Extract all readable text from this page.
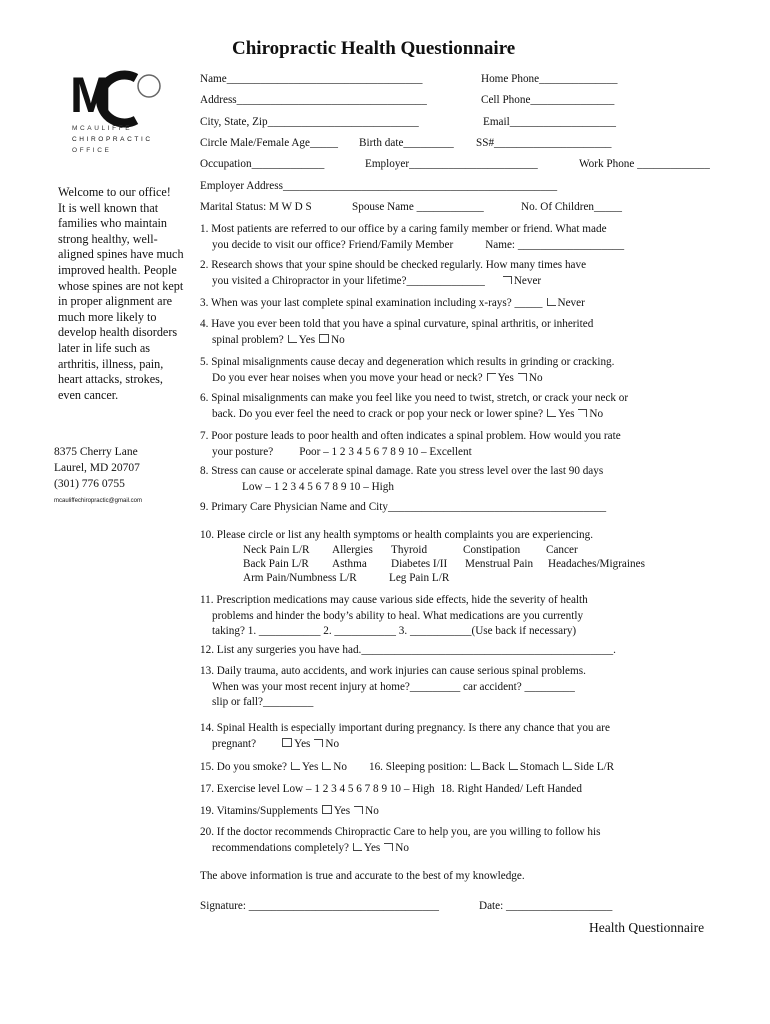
Chiropractic Health Questionnaire
M
MCAULIFFE
CHIROPRACTIC
OFFICE

Welcome to our office!
It is well known that families who maintain strong healthy, well-aligned spines have much improved health. People whose spines are not kept in proper alignment are much more likely to develop health disorders later in life such as arthritis, illness, pain, heart attacks, strokes, even cancer.

8375 Cherry Lane
Laurel, MD 20707
(301) 776 0755
mcauliffechiropractic@gmail.com
Name___________________________________	Home Phone______________
Address__________________________________	Cell Phone_______________
City, State, Zip___________________________	Email___________________
Circle Male/Female Age_____ Birth date_________ SS#_____________________
Occupation_____________	Employer_______________________	Work Phone _____________
Employer Address_________________________________________________
Marital Status: M W D S	Spouse Name ____________	No. Of Children_____
1. Most patients are referred to our office by a caring family member or friend. What made
you decide to visit our office? Friend/Family Member	Name: ___________________
2. Research shows that your spine should be checked regularly. How many times have
you visited a Chiropractor in your lifetime?______________	Never
3. When was your last complete spinal examination including x-rays? _____ Never
4. Have you ever been told that you have a spinal curvature, spinal arthritis, or inherited
spinal problem? Yes No
5. Spinal misalignments cause decay and degeneration which results in grinding or cracking.
Do you ever hear noises when you move your head or neck? Yes No
6. Spinal misalignments can make you feel like you need to twist, stretch, or crack your neck or
back. Do you ever feel the need to crack or pop your neck or lower spine? Yes No
7. Poor posture leads to poor health and often indicates a spinal problem. How would you rate
your posture? Poor – 1 2 3 4 5 6 7 8 9 10 – Excellent
8. Stress can cause or accelerate spinal damage. Rate you stress level over the last 90 days
Low – 1 2 3 4 5 6 7 8 9 10 – High
9. Primary Care Physician Name and City_______________________________________
10. Please circle or list any health symptoms or health complaints you are experiencing.
Neck Pain L/R Allergies Thyroid	Constipation Cancer
Back Pain L/R Asthma Diabetes I/II Menstrual Pain Headaches/Migraines
Arm Pain/Numbness L/R	Leg Pain L/R
11. Prescription medications may cause various side effects, hide the severity of health
problems and hinder the body’s ability to heal. What medications are you currently
taking? 1. ___________ 2. ___________ 3. ___________(Use back if necessary)
12. List any surgeries you have had._____________________________________________.
13. Daily trauma, auto accidents, and work injuries can cause serious spinal problems.
When was your most recent injury at home?_________ car accident? _________
slip or fall?_________
14. Spinal Health is especially important during pregnancy. Is there any chance that you are
pregnant?	Yes No
15. Do you smoke? Yes No 16. Sleeping position: Back Stomach Side L/R
17. Exercise level Low – 1 2 3 4 5 6 7 8 9 10 – High 18. Right Handed/ Left Handed
19. Vitamins/Supplements Yes No
20. If the doctor recommends Chiropractic Care to help you, are you willing to follow his
recommendations completely? Yes No
The above information is true and accurate to the best of my knowledge.
Signature: __________________________________	Date: ___________________
Health Questionnaire
